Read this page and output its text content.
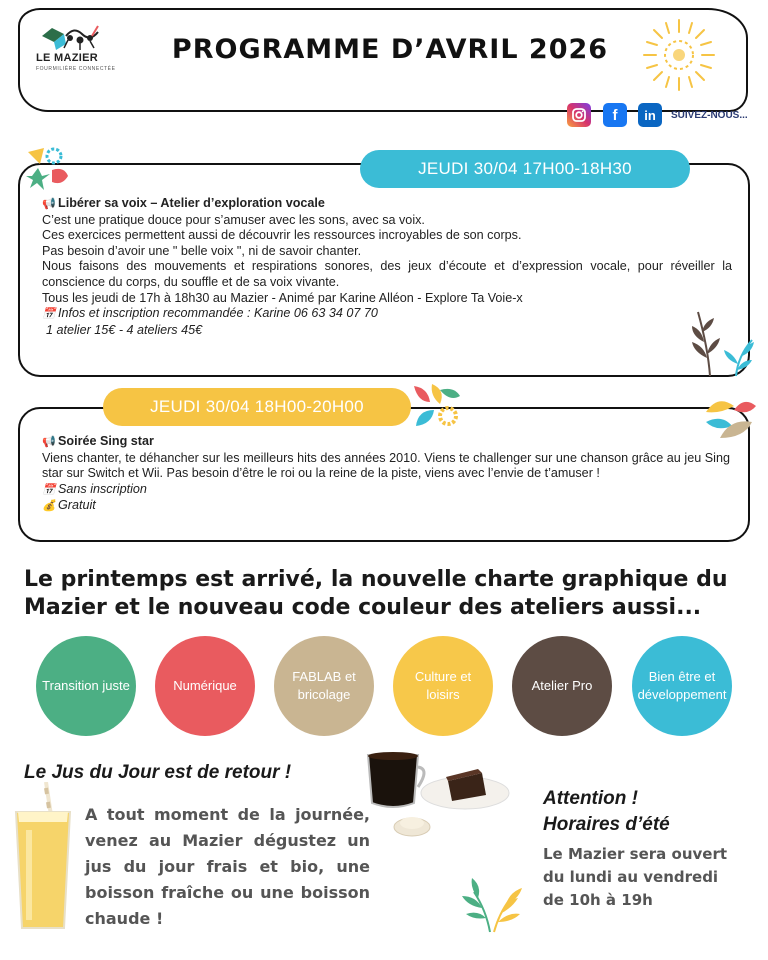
LE MAZIER
FOURMILIÈRE CONNECTÉE
PROGRAMME D’AVRIL 2026
f	in	SUIVEZ-NOUS...
JEUDI 30/04 17H00-18H30
📢 Libérer sa voix – Atelier d’exploration vocale
C’est une pratique douce pour s’amuser avec les sons, avec sa voix.
Ces exercices permettent aussi de découvrir les ressources incroyables de son corps.
Pas besoin d’avoir une " belle voix ", ni de savoir chanter.
Nous faisons des mouvements et respirations sonores, des jeux d’écoute et d’expression vocale, pour réveiller la conscience du corps, du souffle et de sa voix vivante.
Tous les jeudi de 17h à 18h30 au Mazier - Animé par Karine Alléon - Explore Ta Voie-x
📅 Infos et inscription recommandée : Karine 06 63 34 07 70
1 atelier 15€ - 4 ateliers 45€
JEUDI 30/04 18H00-20H00
📢 Soirée Sing star
Viens chanter, te déhancher sur les meilleurs hits des années 2010. Viens te challenger sur une chanson grâce au jeu Sing star sur Switch et Wii. Pas besoin d’être le roi ou la reine de la piste, viens avec l’envie de t’amuser !
📅 Sans inscription
💰 Gratuit
Le printemps est arrivé, la nouvelle charte graphique du Mazier et le nouveau code couleur des ateliers aussi...
Transition juste	Numérique
FABLAB et bricolage
Culture et loisirs
Atelier Pro
Bien être et développement
Le Jus du Jour est de retour !
A tout moment de la journée, venez au Mazier dégustez un jus du jour frais et bio, une boisson fraîche ou une boisson chaude !
Attention !
Horaires d’été
Le Mazier sera ouvert du lundi au vendredi de 10h à 19h
